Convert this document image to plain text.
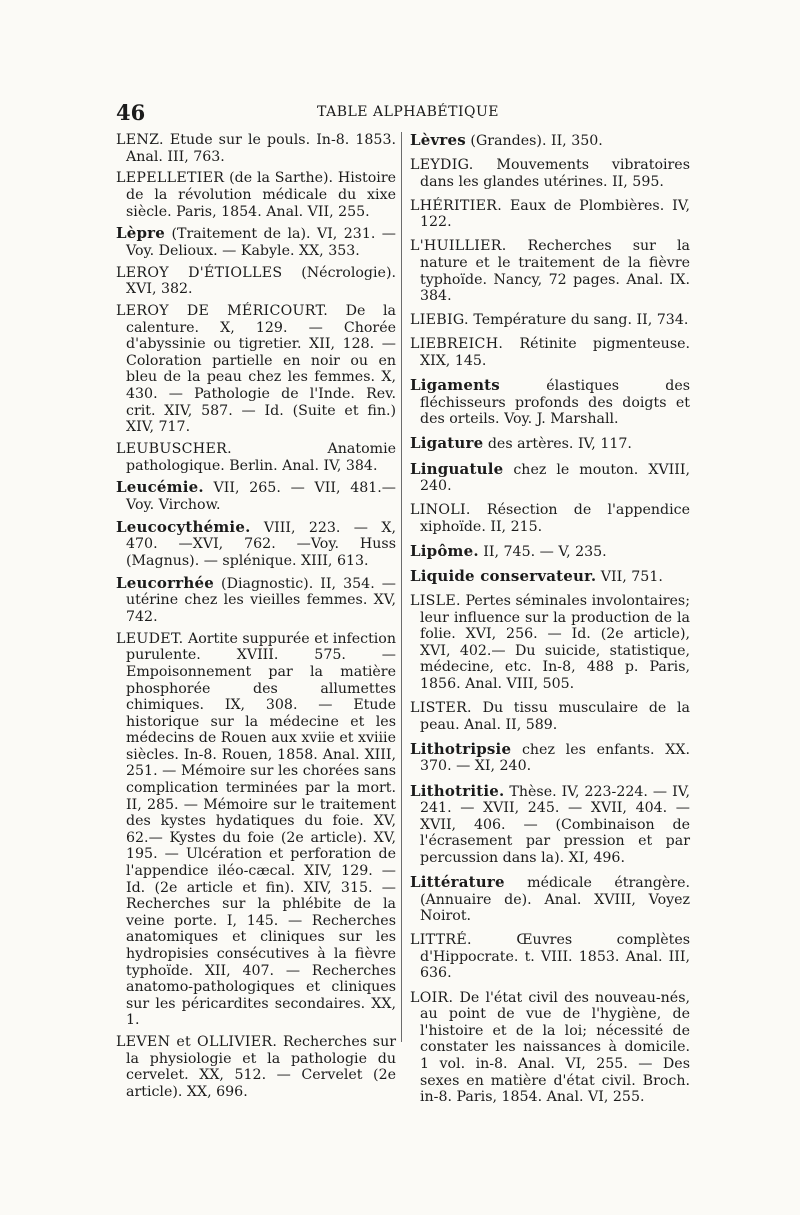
46	TABLE ALPHABÉTIQUE
LENZ. Etude sur le pouls. In-8. 1853. Anal. III, 763.
LEPELLETIER (de la Sarthe). Histoire de la révolution médicale du xixe siècle. Paris, 1854. Anal. VII, 255.
Lèpre (Traitement de la). VI, 231. — Voy. Delioux. — Kabyle. XX, 353.
LEROY D'ÉTIOLLES (Nécrologie). XVI, 382.
LEROY DE MÉRICOURT. De la calenture. X, 129. — Chorée d'abyssinie ou tigretier. XII, 128. — Coloration partielle en noir ou en bleu de la peau chez les femmes. X, 430. — Pathologie de l'Inde. Rev. crit. XIV, 587. — Id. (Suite et fin.) XIV, 717.
LEUBUSCHER. Anatomie pathologique. Berlin. Anal. IV, 384.
Leucémie. VII, 265. — VII, 481.— Voy. Virchow.
Leucocythémie. VIII, 223. — X, 470. —XVI, 762. —Voy. Huss (Magnus). — splénique. XIII, 613.
Leucorrhée (Diagnostic). II, 354. — utérine chez les vieilles femmes. XV, 742.
LEUDET. Aortite suppurée et infection purulente. XVIII. 575. — Empoisonnement par la matière phosphorée des allumettes chimiques. IX, 308. — Etude historique sur la médecine et les médecins de Rouen aux xviie et xviiie siècles. In-8. Rouen, 1858. Anal. XIII, 251. — Mémoire sur les chorées sans complication terminées par la mort. II, 285. — Mémoire sur le traitement des kystes hydatiques du foie. XV, 62.— Kystes du foie (2e article). XV, 195. — Ulcération et perforation de l'appendice iléo-cæcal. XIV, 129. — Id. (2e article et fin). XIV, 315. — Recherches sur la phlébite de la veine porte. I, 145. — Recherches anatomiques et cliniques sur les hydropisies consécutives à la fièvre typhoïde. XII, 407. — Recherches anatomo-pathologiques et cliniques sur les péricardites secondaires. XX, 1.
LEVEN et OLLIVIER. Recherches sur la physiologie et la pathologie du cervelet. XX, 512. — Cervelet (2e article). XX, 696.
Lèvres (Grandes). II, 350.
LEYDIG. Mouvements vibratoires dans les glandes utérines. II, 595.
LHÉRITIER. Eaux de Plombières. IV, 122.
L'HUILLIER. Recherches sur la nature et le traitement de la fièvre typhoïde. Nancy, 72 pages. Anal. IX. 384.
LIEBIG. Température du sang. II, 734.
LIEBREICH. Rétinite pigmenteuse. XIX, 145.
Ligaments élastiques des fléchisseurs profonds des doigts et des orteils. Voy. J. Marshall.
Ligature des artères. IV, 117.
Linguatule chez le mouton. XVIII, 240.
LINOLI. Résection de l'appendice xiphoïde. II, 215.
Lipôme. II, 745. — V, 235.
Liquide conservateur. VII, 751.
LISLE. Pertes séminales involontaires; leur influence sur la production de la folie. XVI, 256. — Id. (2e article), XVI, 402.— Du suicide, statistique, médecine, etc. In-8, 488 p. Paris, 1856. Anal. VIII, 505.
LISTER. Du tissu musculaire de la peau. Anal. II, 589.
Lithotripsie chez les enfants. XX. 370. — XI, 240.
Lithotritie. Thèse. IV, 223-224. — IV, 241. — XVII, 245. — XVII, 404. — XVII, 406. — (Combinaison de l'écrasement par pression et par percussion dans la). XI, 496.
Littérature médicale étrangère. (Annuaire de). Anal. XVIII, Voyez Noirot.
LITTRÉ. Œuvres complètes d'Hippocrate. t. VIII. 1853. Anal. III, 636.
LOIR. De l'état civil des nouveau-nés, au point de vue de l'hygiène, de l'histoire et de la loi; nécessité de constater les naissances à domicile. 1 vol. in-8. Anal. VI, 255. — Des sexes en matière d'état civil. Broch. in-8. Paris, 1854. Anal. VI, 255.
